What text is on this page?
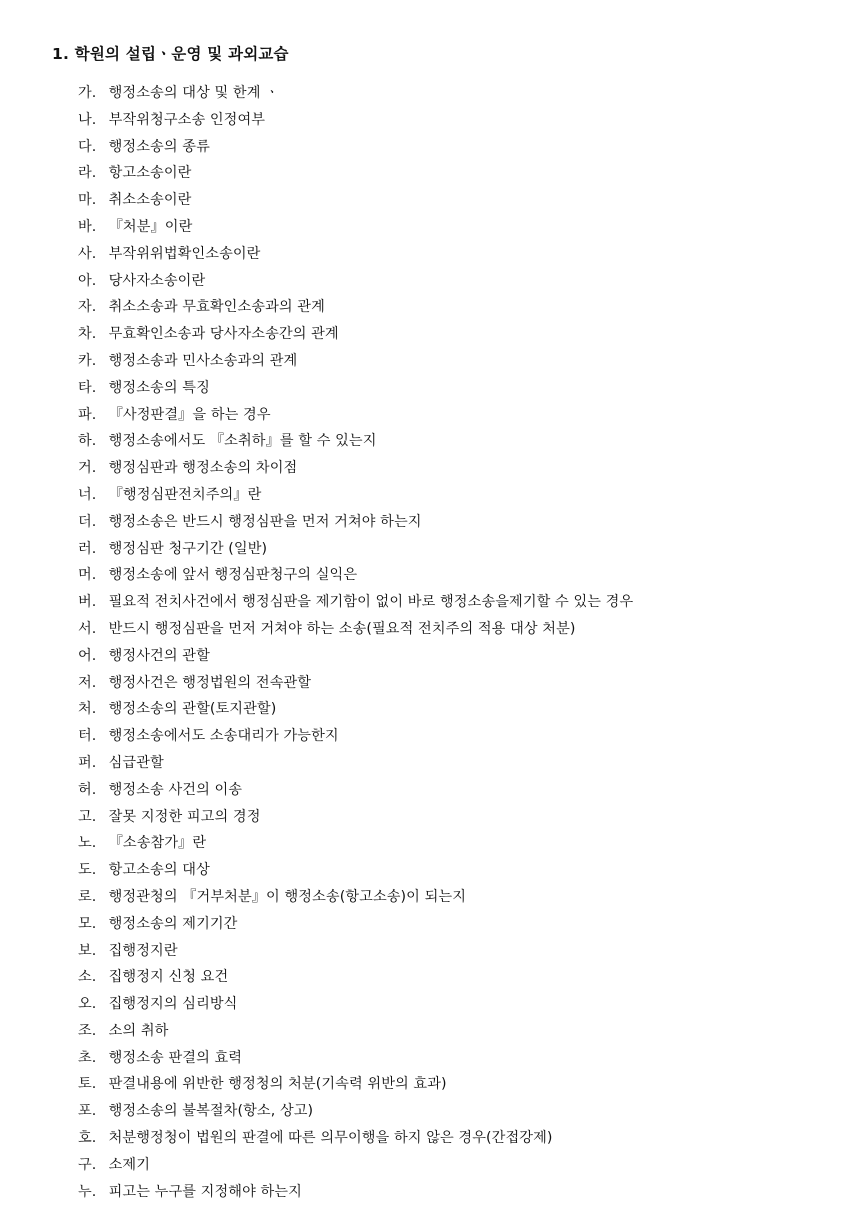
1. 학원의 설립ㆍ운영 및 과외교습
가. 행정소송의 대상 및 한계 ㆍ
나. 부작위청구소송 인정여부
다. 행정소송의 종류
라. 항고소송이란
마. 취소소송이란
바. 『처분』이란
사. 부작위위법확인소송이란
아. 당사자소송이란
자. 취소소송과 무효확인소송과의 관계
차. 무효확인소송과 당사자소송간의 관계
카. 행정소송과 민사소송과의 관계
타. 행정소송의 특징
파. 『사정판결』을 하는 경우
하. 행정소송에서도 『소취하』를 할 수 있는지
거. 행정심판과 행정소송의 차이점
너. 『행정심판전치주의』란
더. 행정소송은 반드시 행정심판을 먼저 거쳐야 하는지
러. 행정심판 청구기간 (일반)
머. 행정소송에 앞서 행정심판청구의 실익은
버. 필요적 전치사건에서 행정심판을 제기함이 없이 바로 행정소송을제기할 수 있는 경우
서. 반드시 행정심판을 먼저 거쳐야 하는 소송(필요적 전치주의 적용 대상 처분)
어. 행정사건의 관할
저. 행정사건은 행정법원의 전속관할
처. 행정소송의 관할(토지관할)
터. 행정소송에서도 소송대리가 가능한지
퍼. 심급관할
허. 행정소송 사건의 이송
고. 잘못 지정한 피고의 경정
노. 『소송참가』란
도. 항고소송의 대상
로. 행정관청의 『거부처분』이 행정소송(항고소송)이 되는지
모. 행정소송의 제기기간
보. 집행정지란
소. 집행정지 신청 요건
오. 집행정지의 심리방식
조. 소의 취하
초. 행정소송 판결의 효력
토. 판결내용에 위반한 행정청의 처분(기속력 위반의 효과)
포. 행정소송의 불복절차(항소, 상고)
호. 처분행정청이 법원의 판결에 따른 의무이행을 하지 않은 경우(간접강제)
구. 소제기
누. 피고는 누구를 지정해야 하는지
